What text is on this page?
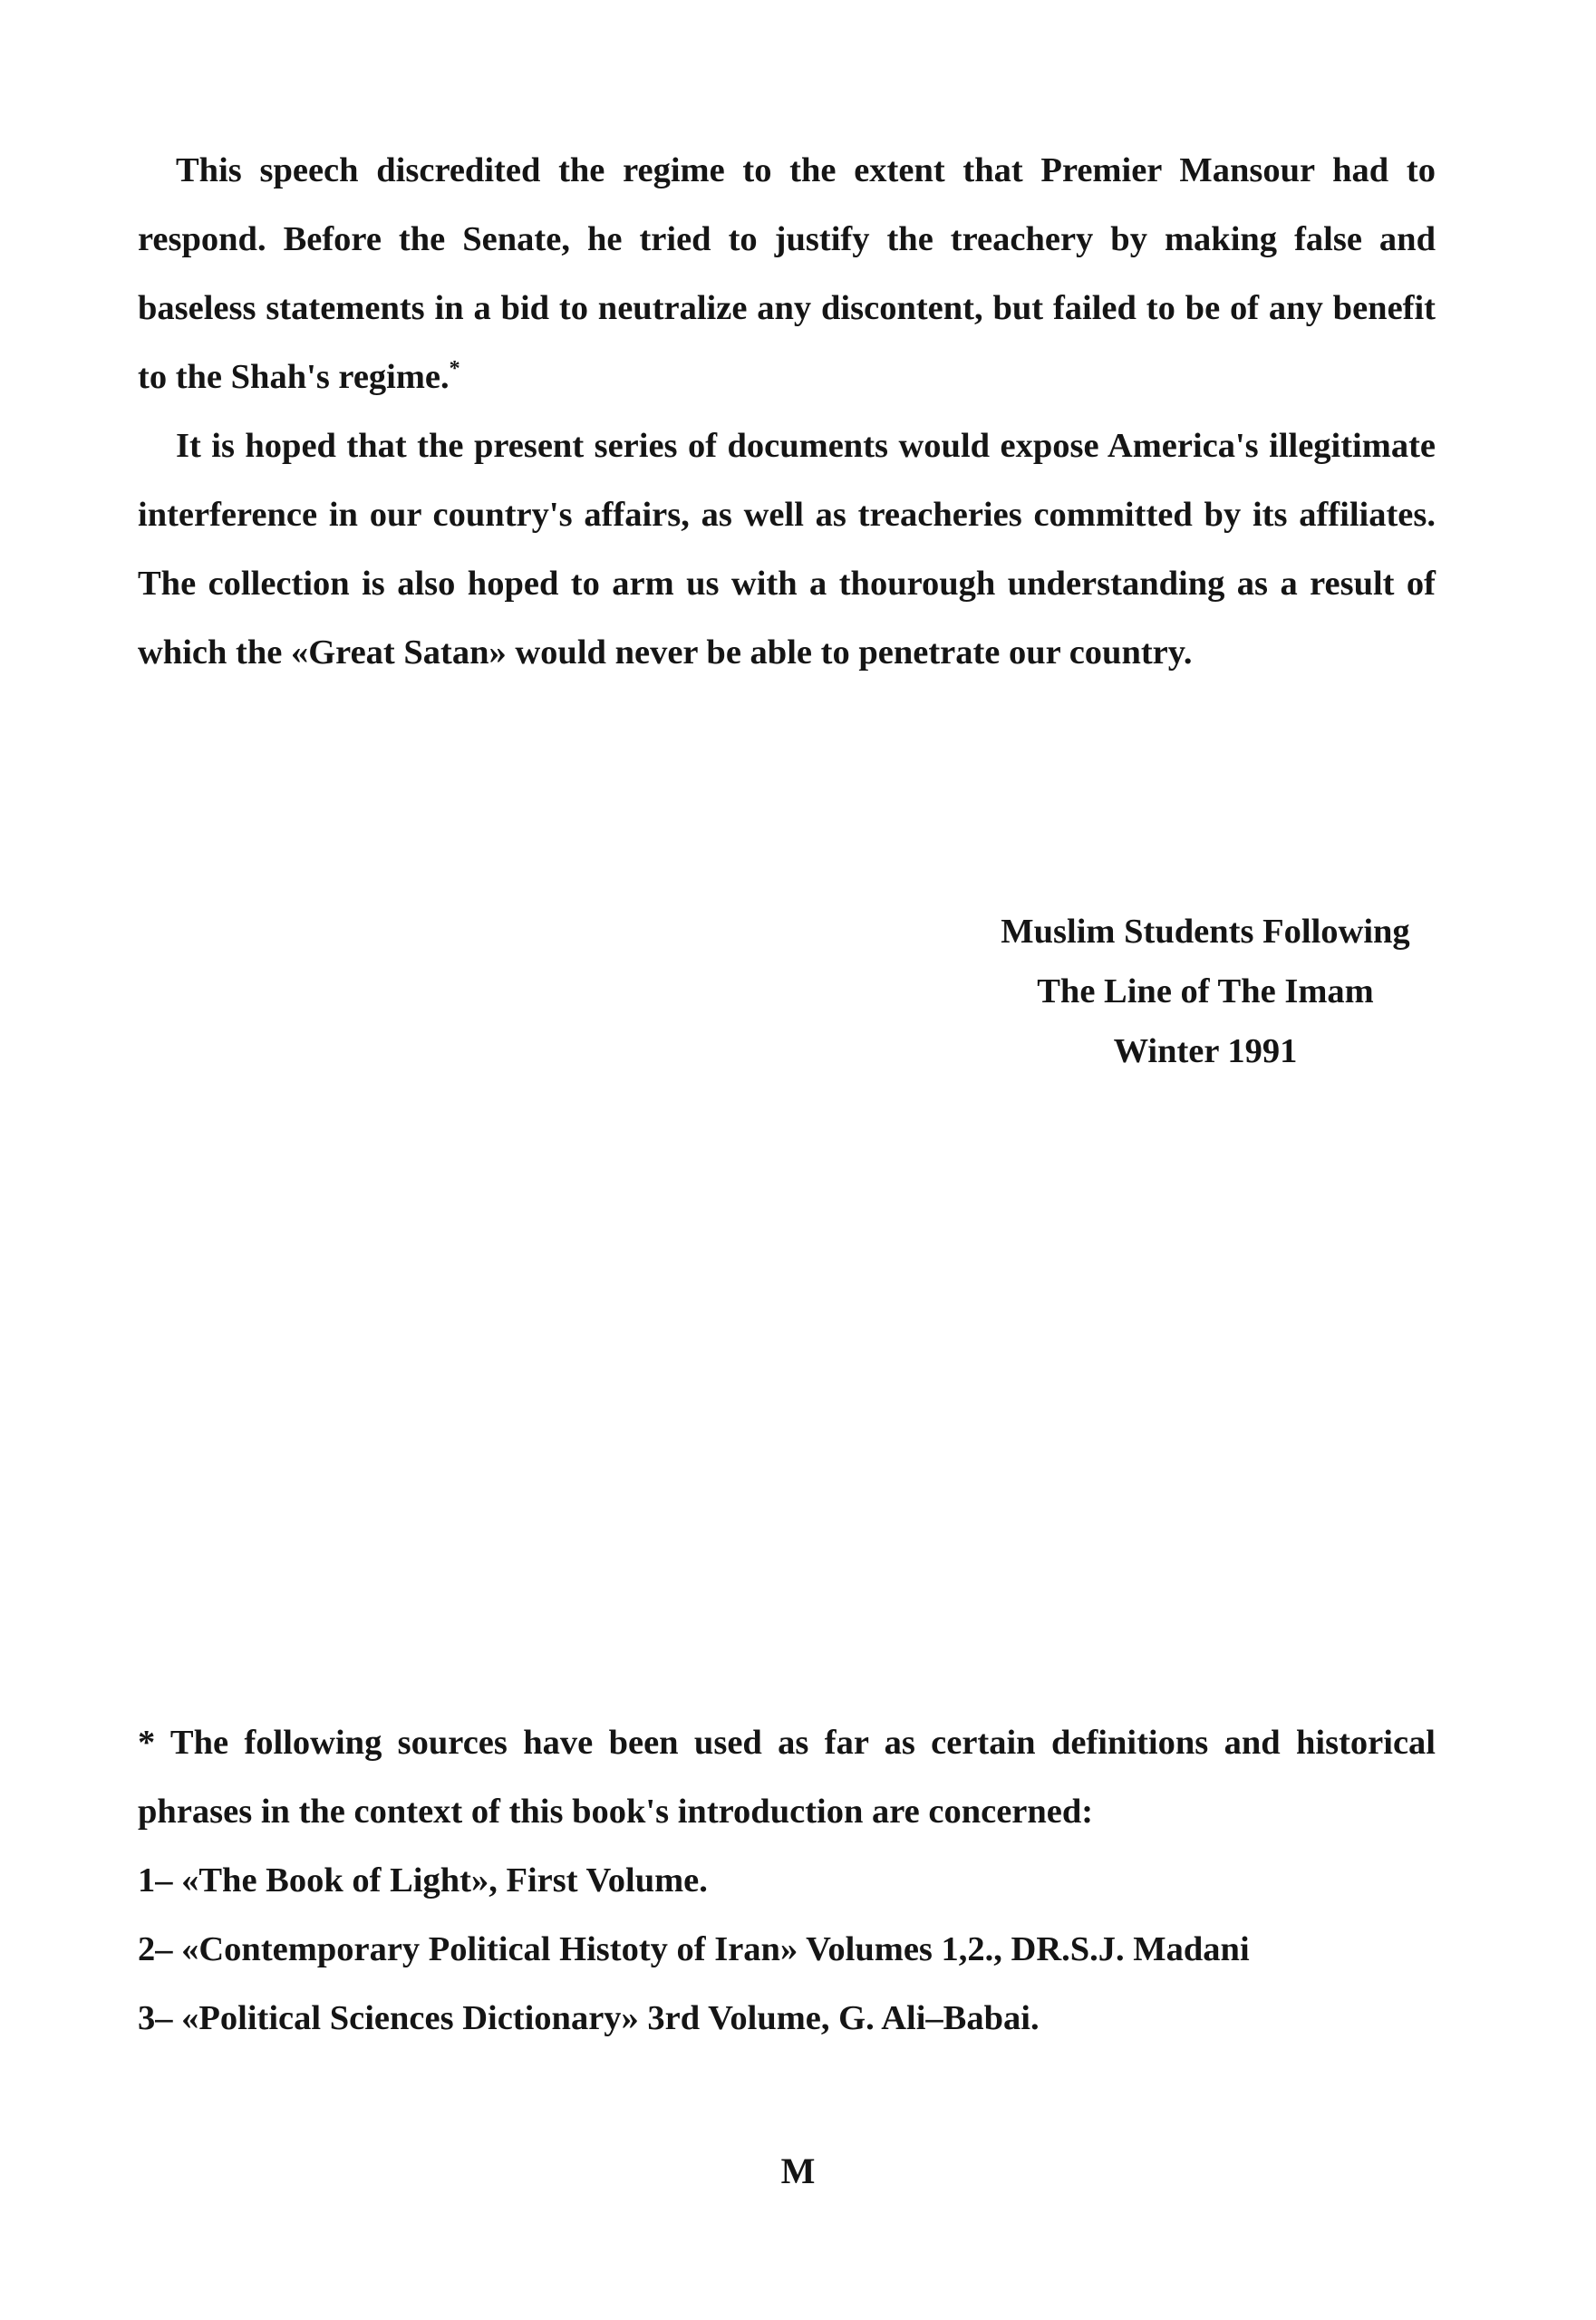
This speech discredited the regime to the extent that Premier Mansour had to respond. Before the Senate, he tried to justify the treachery by making false and baseless statements in a bid to neutralize any discontent, but failed to be of any benefit to the Shah's regime.*

It is hoped that the present series of documents would expose America's illegitimate interference in our country's affairs, as well as treacheries committed by its affiliates. The collection is also hoped to arm us with a thourough understanding as a result of which the «Great Satan» would never be able to penetrate our country.

Muslim Students Following
The Line of The Imam
Winter 1991
* The following sources have been used as far as certain definitions and historical phrases in the context of this book's introduction are concerned:
1– «The Book of Light», First Volume.
2– «Contemporary Political Histoty of Iran» Volumes 1,2., DR.S.J. Madani
3– «Political Sciences Dictionary» 3rd Volume, G. Ali–Babai.
M
